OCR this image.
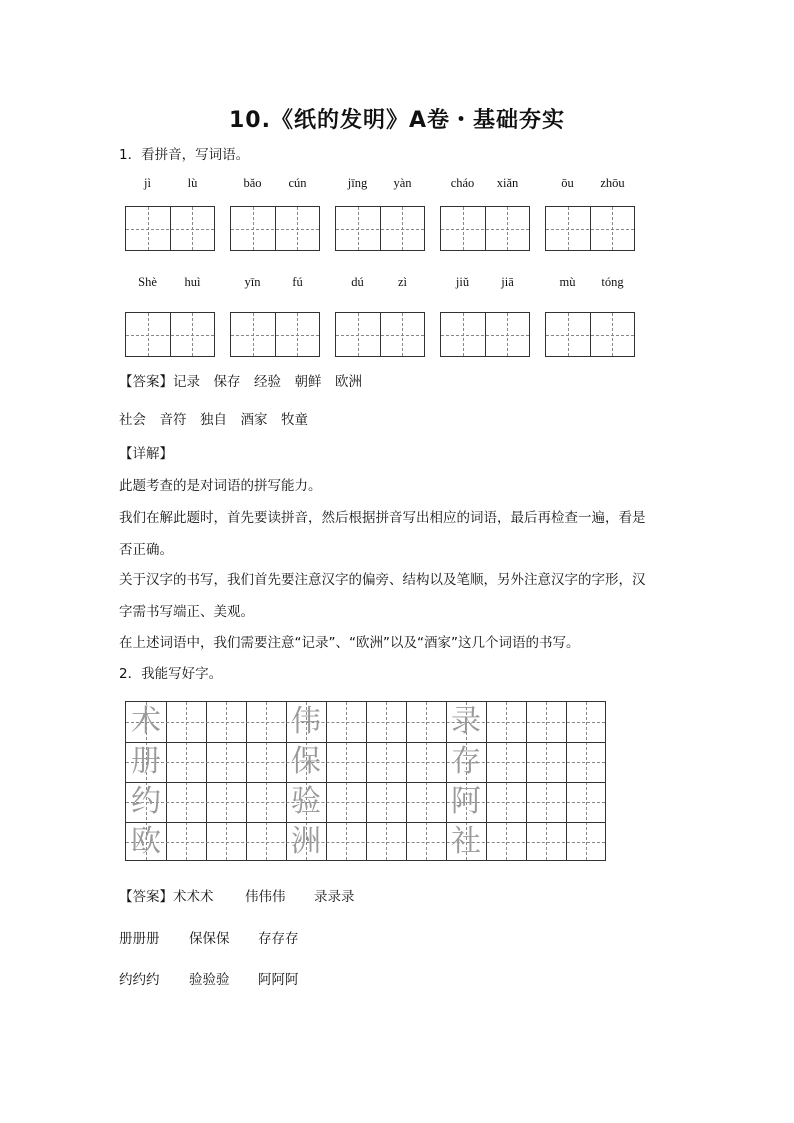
10.《纸的发明》A卷・基础夯实
1．看拼音，写词语。
jì	lù	bǎo	cún	jīng	yàn	cháo	xiǎn	ōu	zhōu
Shè	huì	yīn	fú	dú	zì	jiǔ	jiā	mù	tóng
【答案】记录　保存　经验　朝鲜　欧洲
社会　音符　独自　酒家　牧童
【详解】
此题考查的是对词语的拼写能力。
我们在解此题时，首先要读拼音，然后根据拼音写出相应的词语，最后再检查一遍，看是
否正确。
关于汉字的书写，我们首先要注意汉字的偏旁、结构以及笔顺，另外注意汉字的字形，汉
字需书写端正、美观。
在上述词语中，我们需要注意“记录”、“欧洲”以及“酒家”这几个词语的书写。
2．我能写好字。
术	伟	录
册	保	存
约	验	阿
欧	洲	社
【答案】术术术 伟伟伟 录录录
册册册 保保保 存存存
约约约 验验验 阿阿阿
